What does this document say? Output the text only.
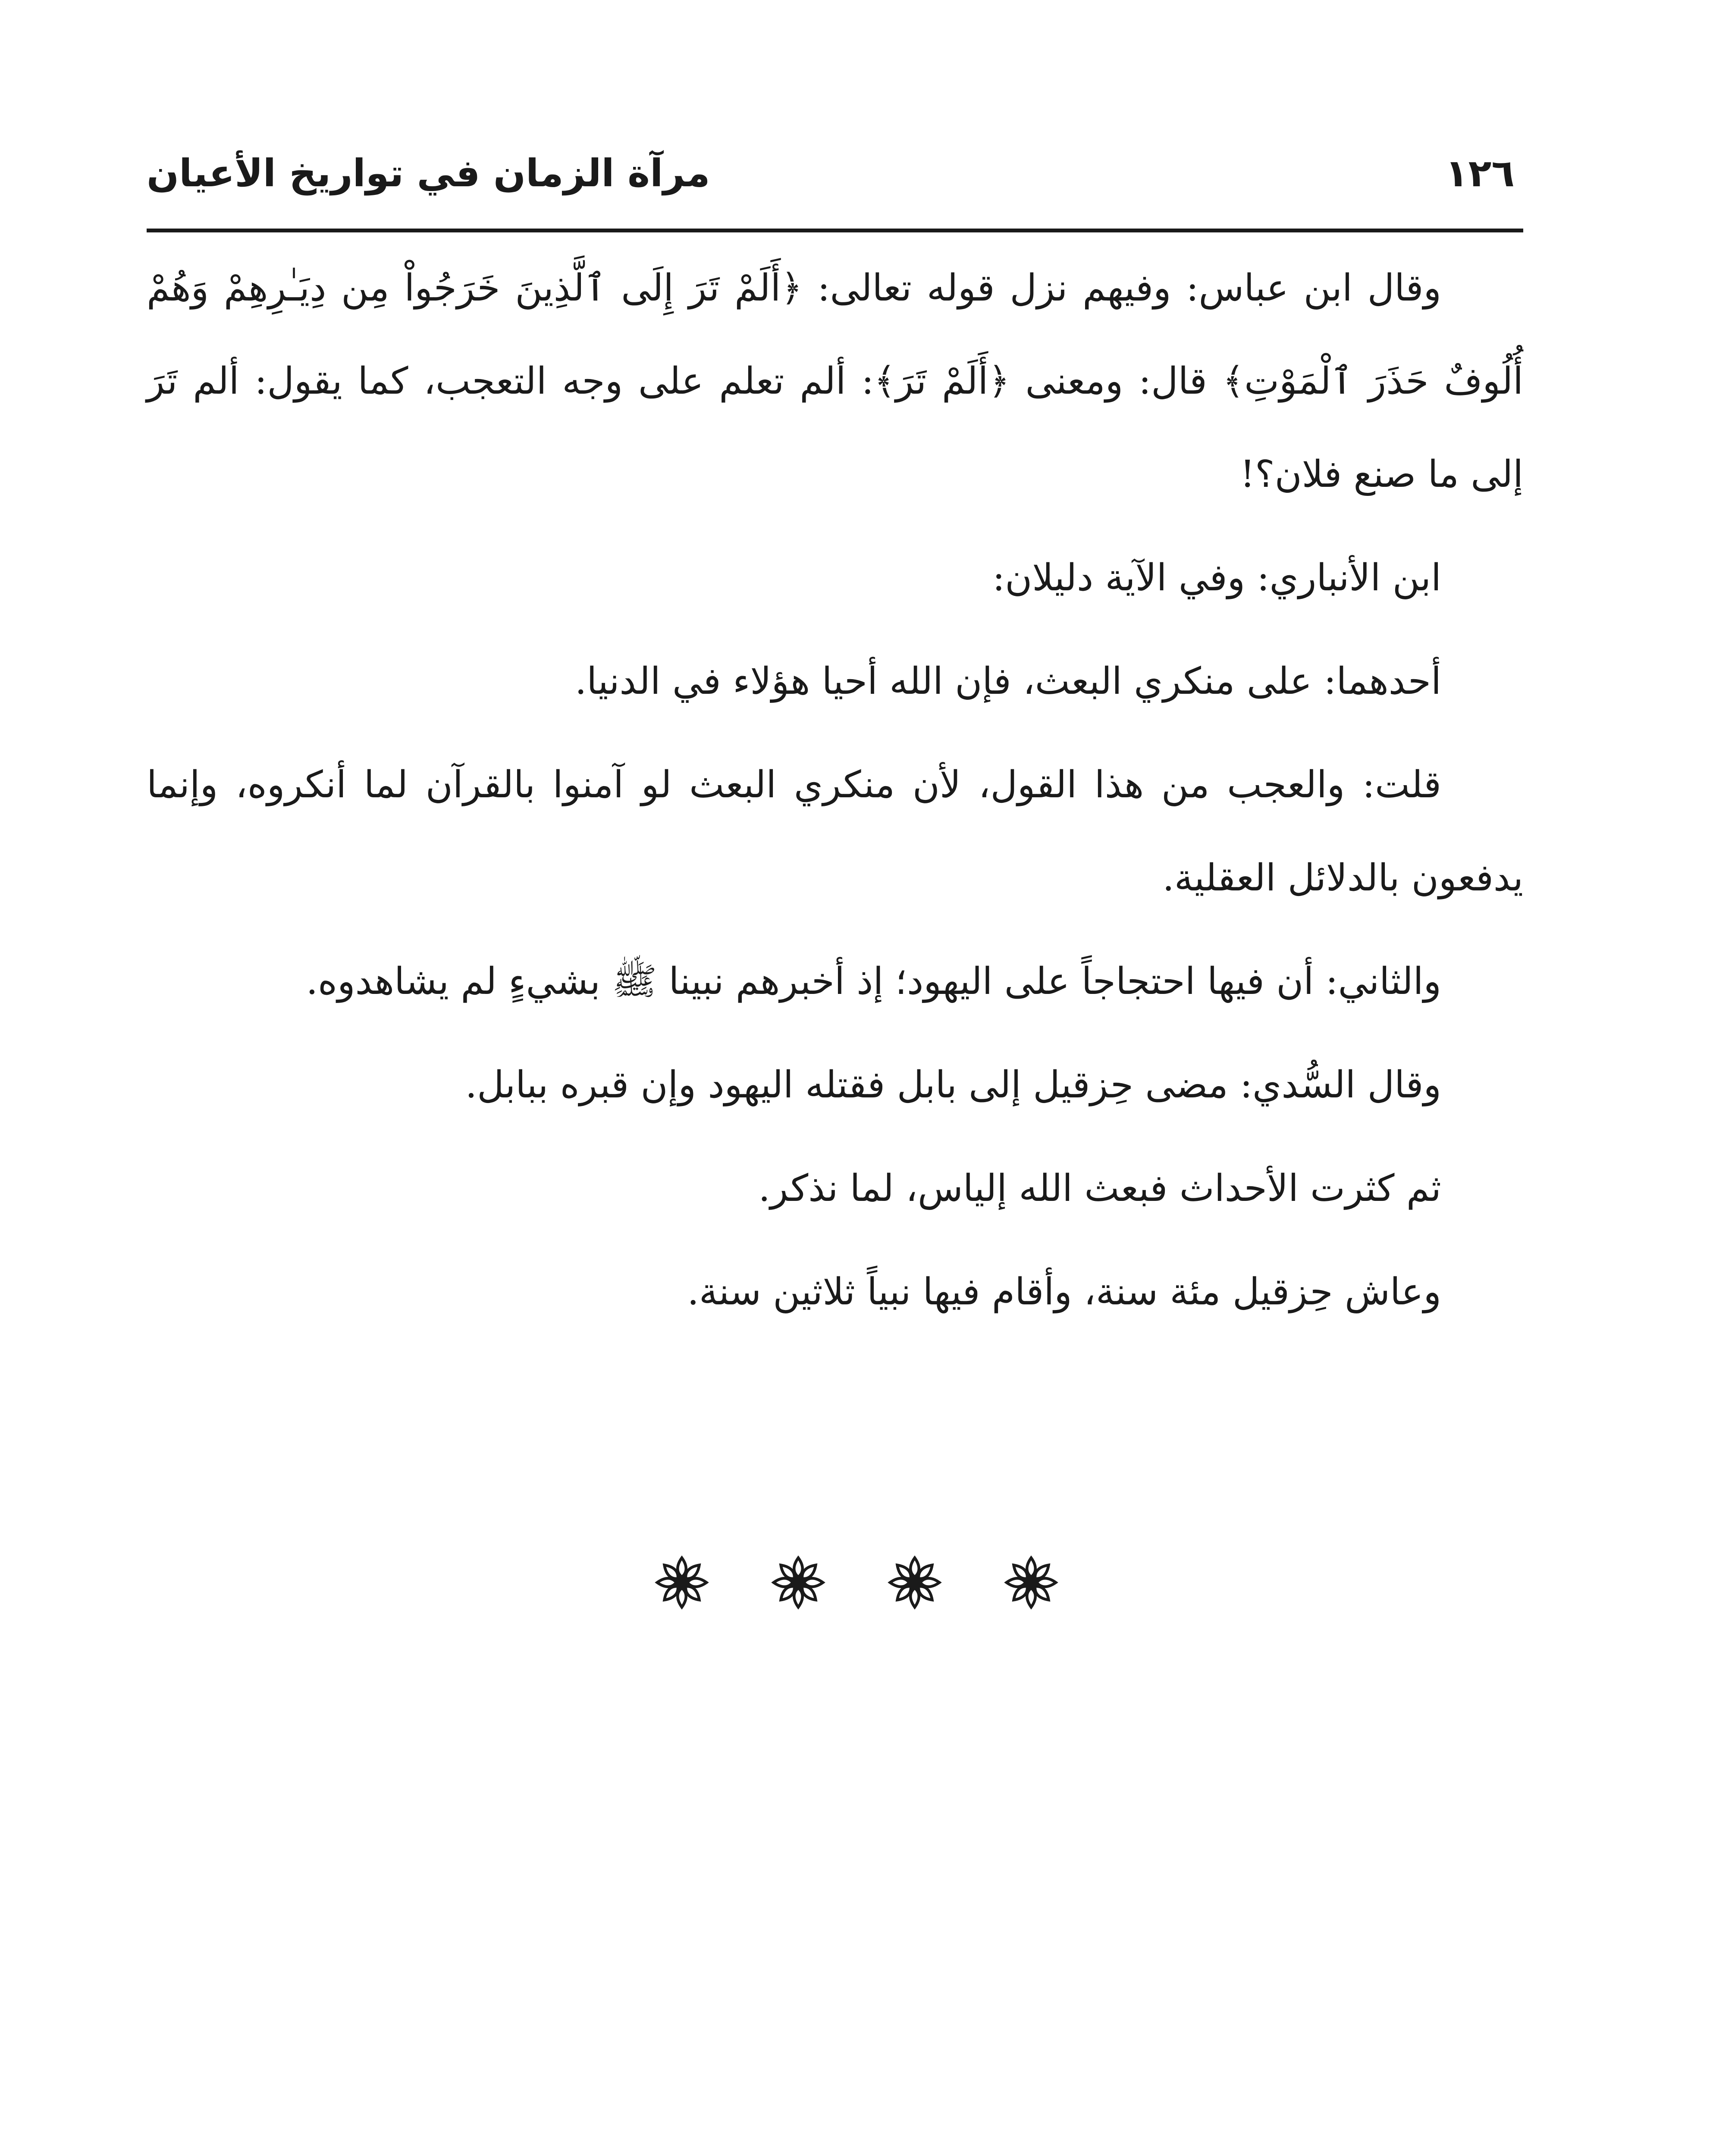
مرآة الزمان في تواريخ الأعيان	١٢٦

وقال ابن عباس: وفيهم نزل قوله تعالى: ﴿أَلَمْ تَرَ إِلَى ٱلَّذِينَ خَرَجُواْ مِن دِيَـٰرِهِمْ وَهُمْ أُلُوفٌ حَذَرَ ٱلْمَوْتِ﴾ قال: ومعنى ﴿أَلَمْ تَرَ﴾: ألم تعلم على وجه التعجب، كما يقول: ألم تَرَ إلى ما صنع فلان؟!

ابن الأنباري: وفي الآية دليلان:

أحدهما: على منكري البعث، فإن الله أحيا هؤلاء في الدنيا.

قلت: والعجب من هذا القول، لأن منكري البعث لو آمنوا بالقرآن لما أنكروه، وإنما يدفعون بالدلائل العقلية.

والثاني: أن فيها احتجاجاً على اليهود؛ إذ أخبرهم نبينا ﷺ بشيءٍ لم يشاهدوه.

وقال السُّدي: مضى حِزقيل إلى بابل فقتله اليهود وإن قبره ببابل.

ثم كثرت الأحداث فبعث الله إلياس، لما نذكر.

وعاش حِزقيل مئة سنة، وأقام فيها نبياً ثلاثين سنة.
